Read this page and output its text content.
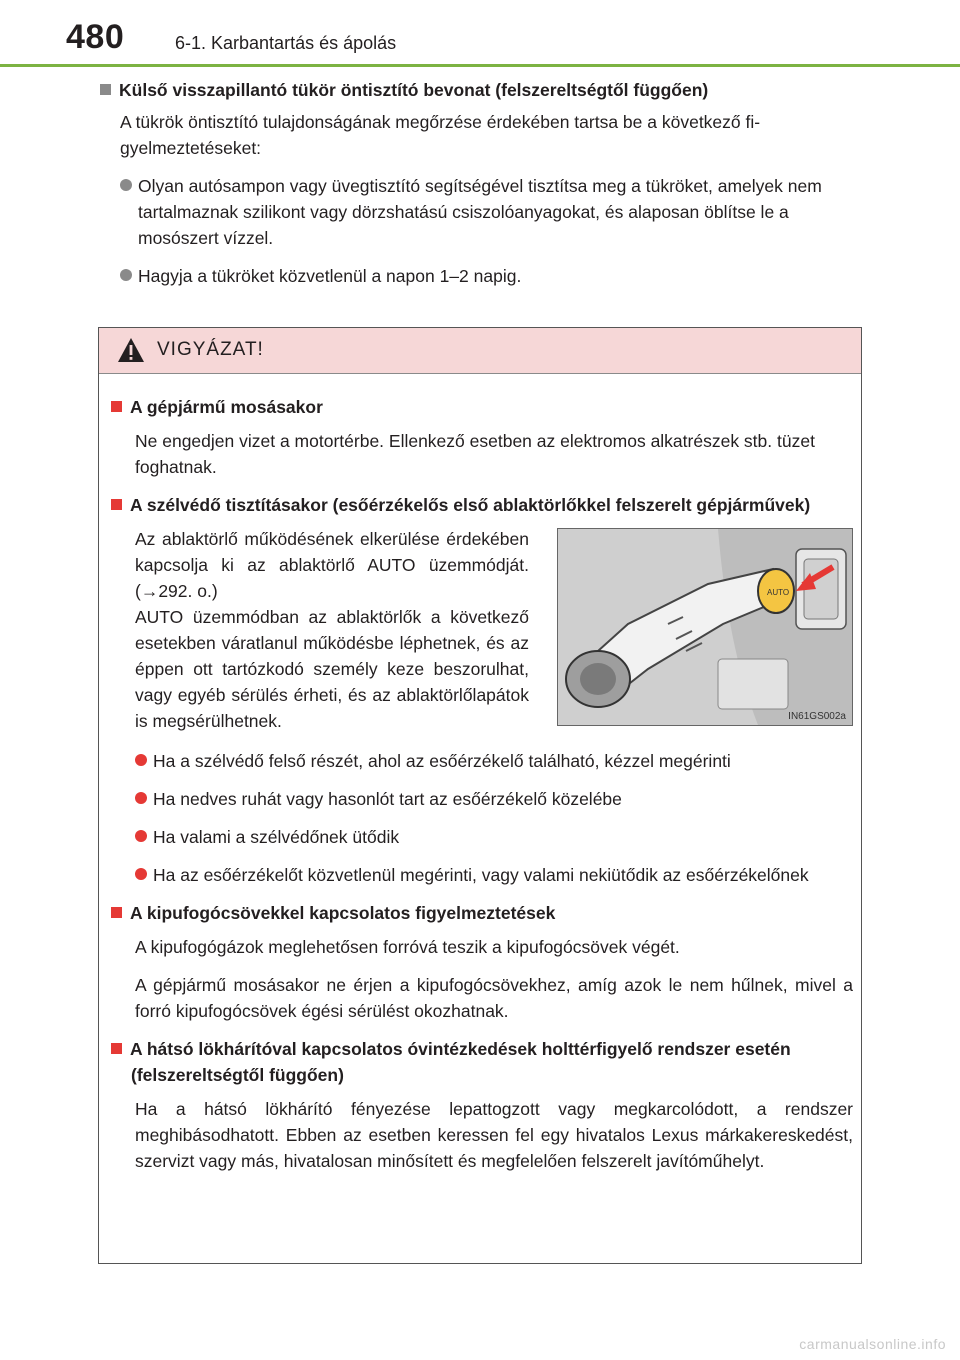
480	6-1. Karbantartás és ápolás
Külső visszapillantó tükör öntisztító bevonat (felszereltségtől függően)
A tükrök öntisztító tulajdonságának megőrzése érdekében tartsa be a következő figyelmeztetéseket:
Olyan autósampon vagy üvegtisztító segítségével tisztítsa meg a tükröket, amelyek nem tartalmaznak szilikont vagy dörzshatású csiszolóanyagokat, és alaposan öblítse le a mosószert vízzel.
Hagyja a tükröket közvetlenül a napon 1–2 napig.
VIGYÁZAT!
A gépjármű mosásakor
Ne engedjen vizet a motortérbe. Ellenkező esetben az elektromos alkatrészek stb. tüzet foghatnak.
A szélvédő tisztításakor (esőérzékelős első ablaktörlőkkel felszerelt gépjárművek)

Az ablaktörlő működésének elkerülése érdekében kapcsolja ki az ablaktörlő AUTO üzemmódját. (→292. o.)

AUTO üzemmódban az ablaktörlők a következő esetekben váratlanul működésbe léphetnek, és az éppen ott tartózkodó személy keze beszorulhat, vagy egyéb sérülés érheti, és az ablaktörlőlapátok is megsérülhetnek.

AUTO
IN61GS002a
Ha a szélvédő felső részét, ahol az esőérzékelő található, kézzel megérinti
Ha nedves ruhát vagy hasonlót tart az esőérzékelő közelébe
Ha valami a szélvédőnek ütődik
Ha az esőérzékelőt közvetlenül megérinti, vagy valami nekiütődik az esőérzékelőnek
A kipufogócsövekkel kapcsolatos figyelmeztetések
A kipufogógázok meglehetősen forróvá teszik a kipufogócsövek végét.
A gépjármű mosásakor ne érjen a kipufogócsövekhez, amíg azok le nem hűlnek, mivel a forró kipufogócsövek égési sérülést okozhatnak.
A hátsó lökhárítóval kapcsolatos óvintézkedések holttérfigyelő rendszer esetén (felszereltségtől függően)
Ha a hátsó lökhárító fényezése lepattogzott vagy megkarcolódott, a rendszer meghibásodhatott. Ebben az esetben keressen fel egy hivatalos Lexus márkakereskedést, szervizt vagy más, hivatalosan minősített és megfelelően felszerelt javítóműhelyt.
carmanualsonline.info
